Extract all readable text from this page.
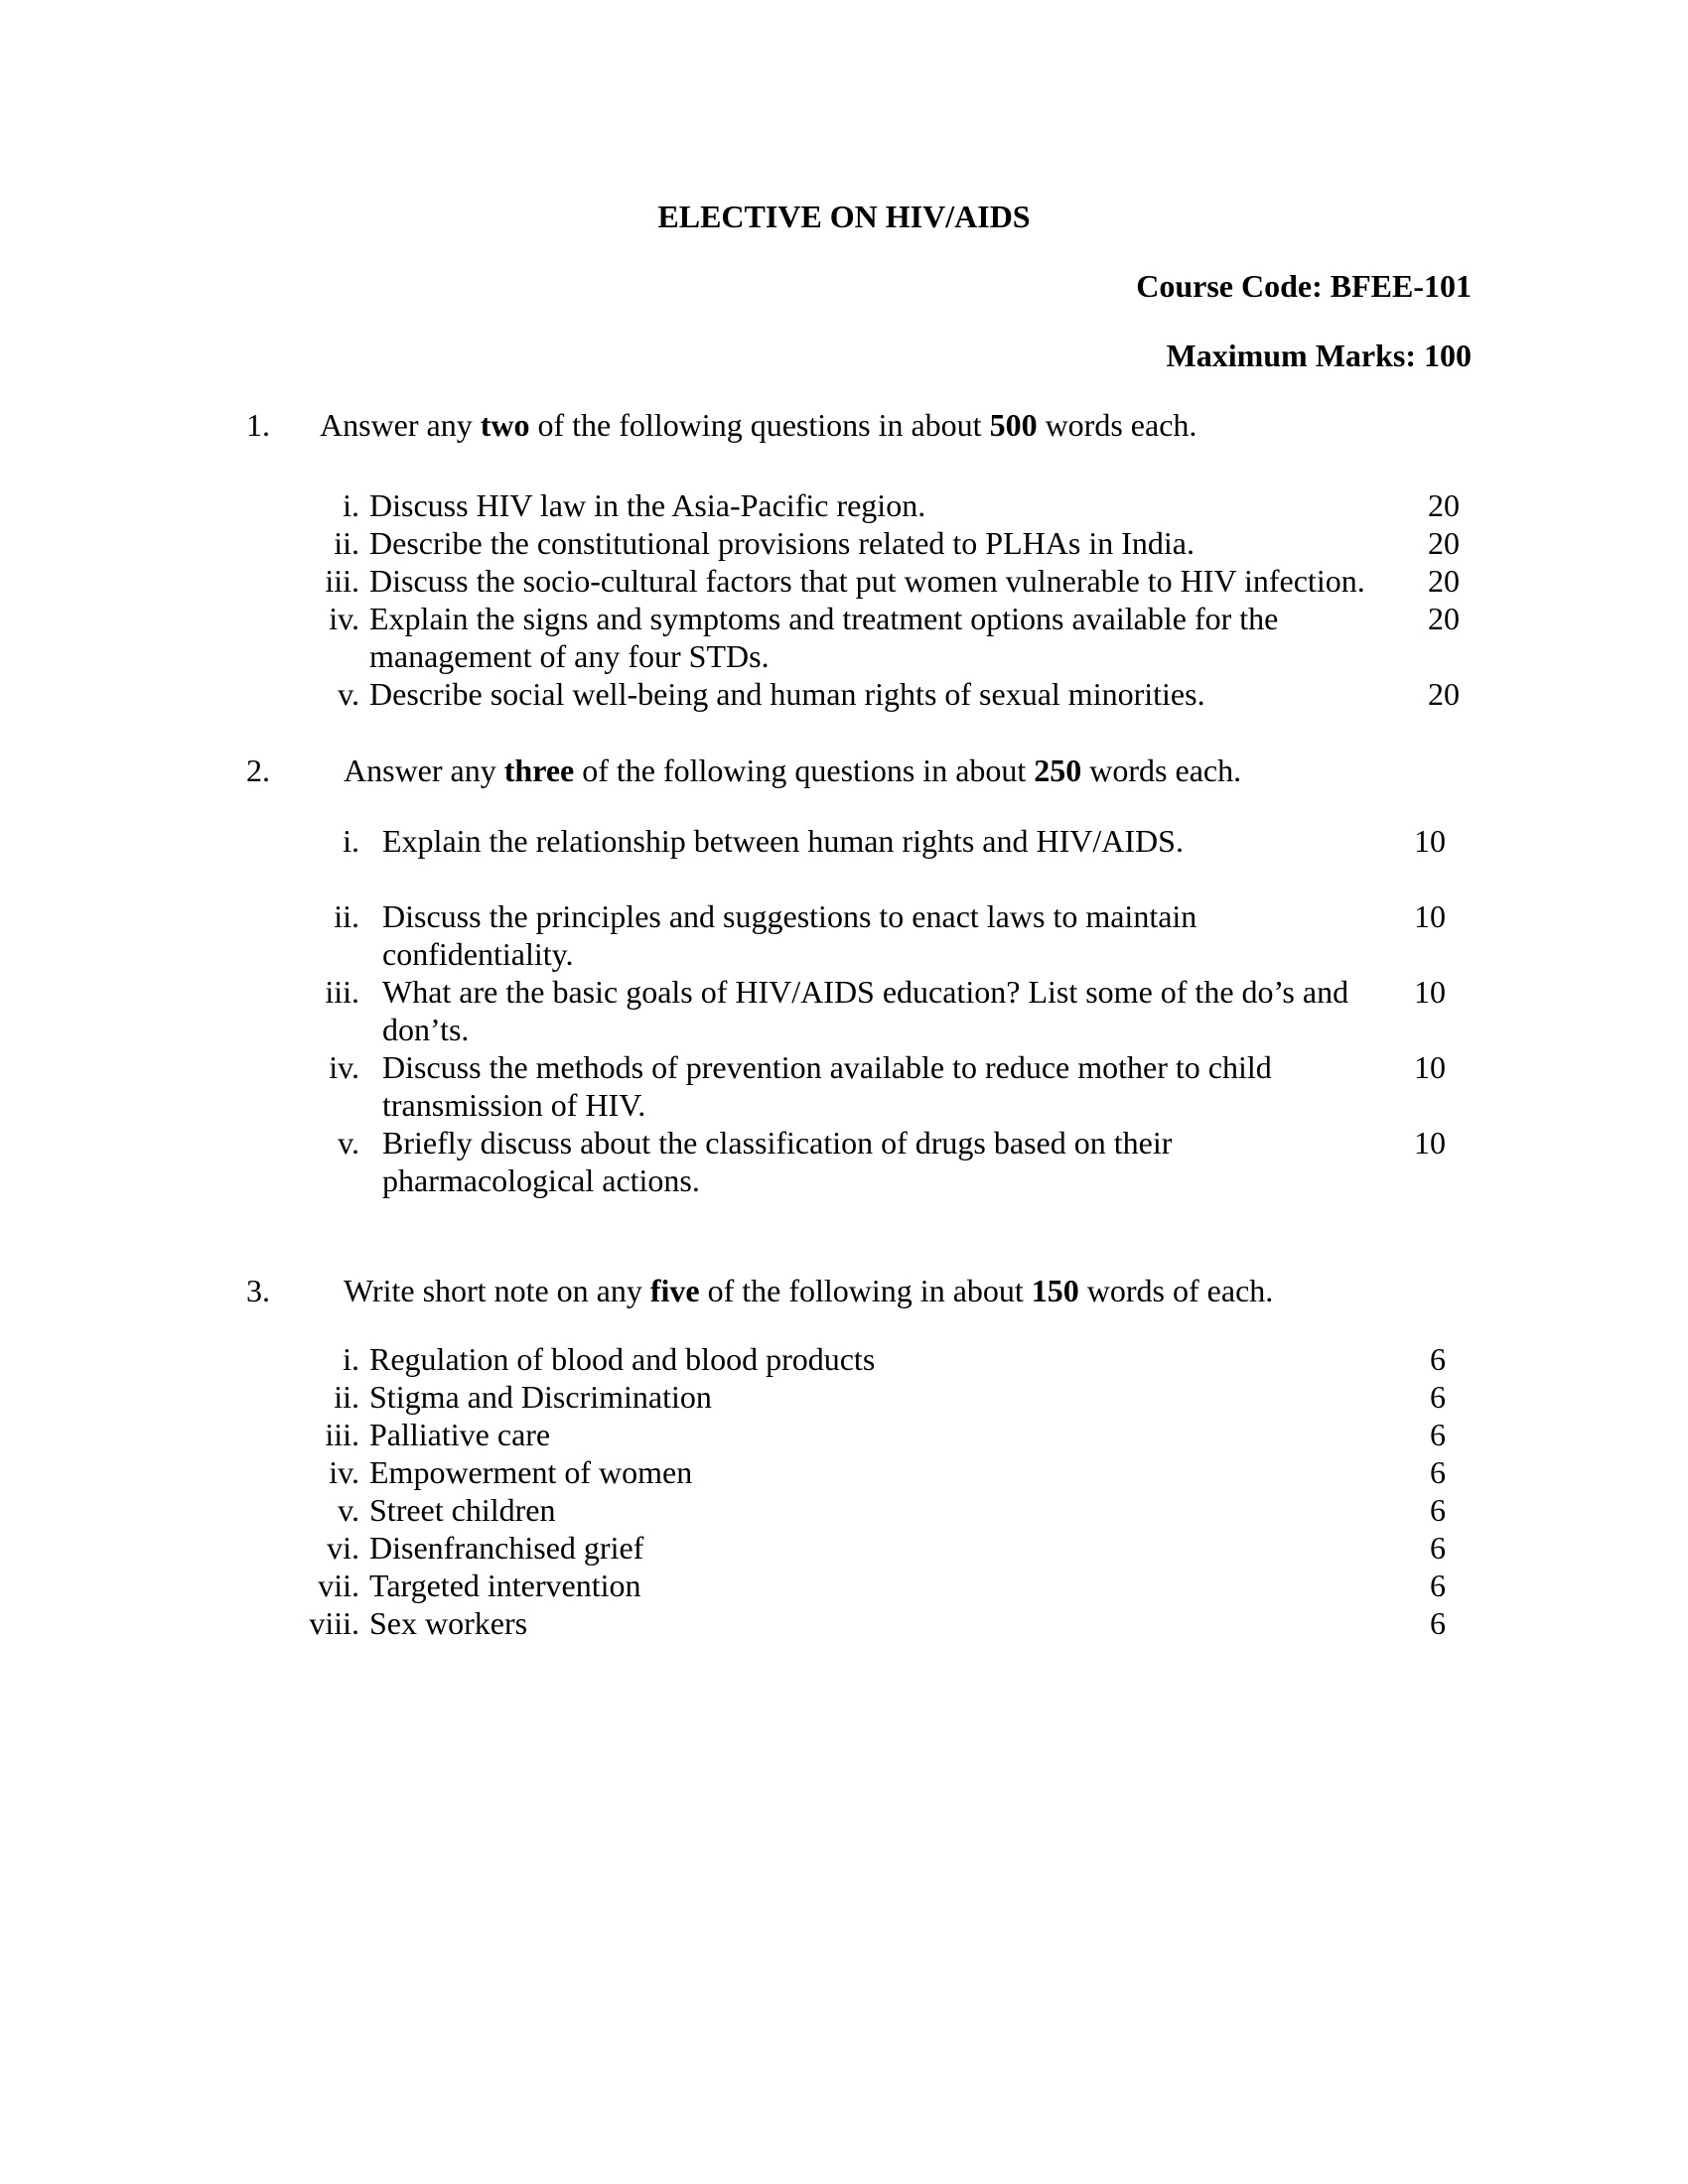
ELECTIVE ON HIV/AIDS
Course Code: BFEE-101
Maximum Marks: 100
1. Answer any two of the following questions in about 500 words each.
i. Discuss HIV law in the Asia-Pacific region.	20
ii. Describe the constitutional provisions related to PLHAs in India.	20
iii. Discuss the socio-cultural factors that put women vulnerable to HIV infection. 20
iv. Explain the signs and symptoms and treatment options available for the
management of any four STDs.
20
v. Describe social well-being and human rights of sexual minorities.	20
2. Answer any three of the following questions in about 250 words each.
i. Explain the relationship between human rights and HIV/AIDS.	10
ii. Discuss the principles and suggestions to enact laws to maintain
confidentiality.
10
iii. What are the basic goals of HIV/AIDS education? List some of the do’s and
don’ts.
10
iv. Discuss the methods of prevention available to reduce mother to child
transmission of HIV.
10
v. Briefly discuss about the classification of drugs based on their
pharmacological actions.
10
3. Write short note on any five of the following in about 150 words of each.
i. Regulation of blood and blood products	6
ii. Stigma and Discrimination	6
iii. Palliative care	6
iv. Empowerment of women	6
v. Street children	6
vi. Disenfranchised grief	6
vii. Targeted intervention	6
viii. Sex workers	6
